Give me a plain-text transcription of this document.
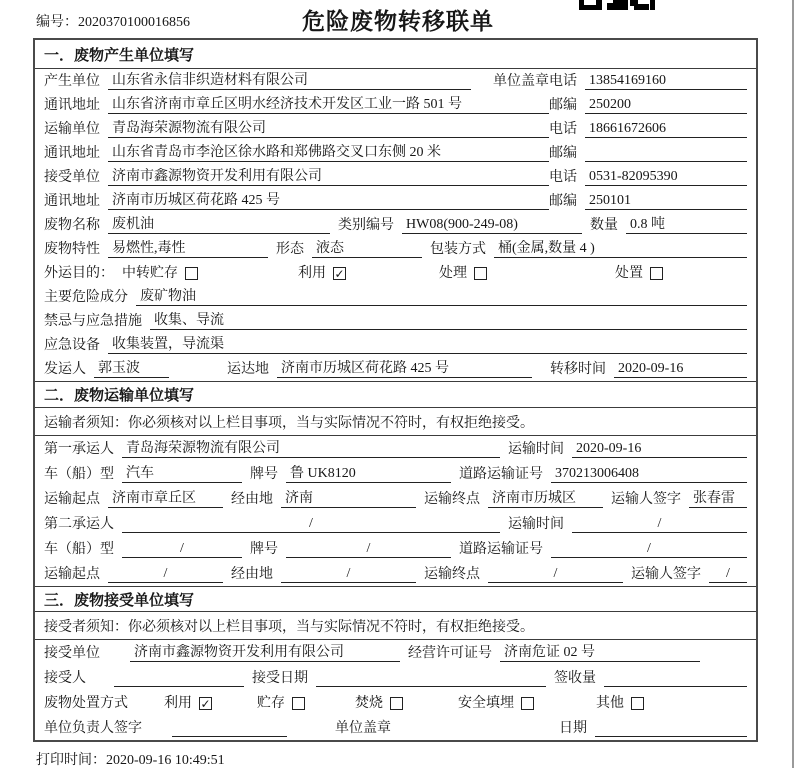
编号：2020370100016856	危险废物转移联单
一．废物产生单位填写
产生单位 山东省永信非织造材料有限公司	单位盖章 电话 13854169160
通讯地址 山东省济南市章丘区明水经济技术开发区工业一路 501 号	邮编 250200
运输单位 青岛海荣源物流有限公司	电话 18661672606
通讯地址 山东省青岛市李沧区徐水路和郑佛路交叉口东侧 20 米	邮编
接受单位 济南市鑫源物资开发利用有限公司	电话 0531-82095390
通讯地址 济南市历城区荷花路 425 号	邮编 250101
废物名称 废机油	类别编号 HW08(900-249-08)	数量 0.8 吨
废物特性 易燃性,毒性	形态 液态	包装方式 桶(金属,数量 4 )
外运目的： 中转贮存	利用 ✓	处理	处置
主要危险成分 废矿物油
禁忌与应急措施 收集、导流
应急设备 收集装置，导流渠
发运人 郭玉波	运达地 济南市历城区荷花路 425 号	转移时间 2020-09-16
二．废物运输单位填写
运输者须知：你必须核对以上栏目事项，当与实际情况不符时，有权拒绝接受。
第一承运人 青岛海荣源物流有限公司	运输时间 2020-09-16
车（船）型 汽车	牌号 鲁 UK8120	道路运输证号 370213006408
运输起点 济南市章丘区	经由地 济南	运输终点 济南市历城区	运输人签字 张春雷
第二承运人	/	运输时间	/
车（船）型	/	牌号	/	道路运输证号	/
运输起点	/	经由地	/	运输终点	/	运输人签字	/
三．废物接受单位填写
接受者须知：你必须核对以上栏目事项，当与实际情况不符时，有权拒绝接受。
接受单位 济南市鑫源物资开发利用有限公司	经营许可证号 济南危证 02 号
接受人	接受日期	签收量
废物处置方式	利用 ✓	贮存	焚烧	安全填埋	其他
单位负责人签字	单位盖章	日期
打印时间：2020-09-16 10:49:51
